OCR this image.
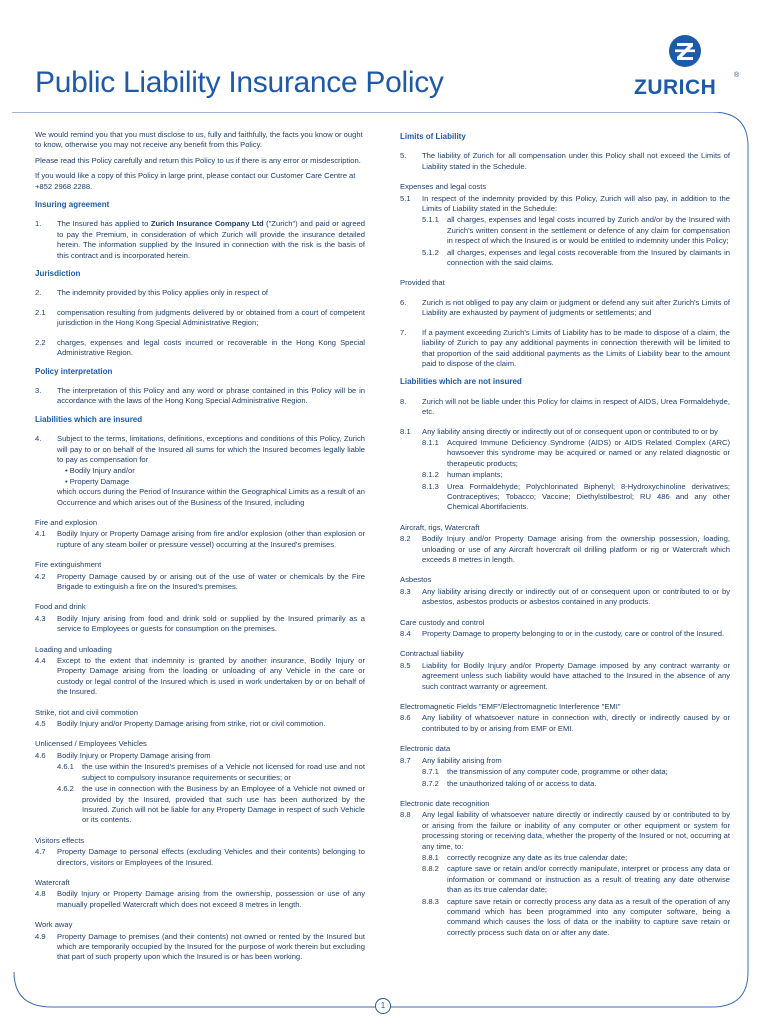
Public Liability Insurance Policy	ZURICH
®

We would remind you that you must disclose to us, fully and faithfully, the facts you know or ought to know, otherwise you may not receive any benefit from this Policy.

Please read this Policy carefully and return this Policy to us if there is any error or misdescription.

If you would like a copy of this Policy in large print, please contact our Customer Care Centre at +852 2968 2288.

Insuring agreement
1.	The Insured has applied to Zurich Insurance Company Ltd ("Zurich") and paid or agreed to pay the Premium, in consideration of which Zurich will provide the insurance detailed herein. The information supplied by the Insured in connection with the risk is the basis of this contract and is incorporated herein.
Jurisdiction
2.	The indemnity provided by this Policy applies only in respect of
2.1	compensation resulting from judgments delivered by or obtained from a court of competent jurisdiction in the Hong Kong Special Administrative Region;
2.2	charges, expenses and legal costs incurred or recoverable in the Hong Kong Special Administrative Region.
Policy interpretation
3.	The interpretation of this Policy and any word or phrase contained in this Policy will be in accordance with the laws of the Hong Kong Special Administrative Region.
Liabilities which are insured
4.	Subject to the terms, limitations, definitions, exceptions and conditions of this Policy, Zurich will pay to or on behalf of the Insured all sums for which the Insured becomes legally liable to pay as compensation for
• Bodily Injury and/or
• Property Damage
which occurs during the Period of Insurance within the Geographical Limits as a result of an Occurrence and which arises out of the Business of the Insured, including
Fire and explosion
4.1	Bodily Injury or Property Damage arising from fire and/or explosion (other than explosion or rupture of any steam boiler or pressure vessel) occurring at the Insured's premises.
Fire extinguishment
4.2	Property Damage caused by or arising out of the use of water or chemicals by the Fire Brigade to extinguish a fire on the Insured's premises.
Food and drink
4.3	Bodily Injury arising from food and drink sold or supplied by the Insured primarily as a service to Employees or guests for consumption on the premises.
Loading and unloading
4.4	Except to the extent that indemnity is granted by another insurance, Bodily Injury or Property Damage arising from the loading or unloading of any Vehicle in the care or custody or legal control of the Insured which is used in work undertaken by or on behalf of the Insured.
Strike, riot and civil commotion
4.5	Bodily Injury and/or Property Damage arising from strike, riot or civil commotion.
Unlicensed / Employees Vehicles
4.6	Bodily Injury or Property Damage arising from
4.6.1	the use within the Insured's premises of a Vehicle not licensed for road use and not subject to compulsory insurance requirements or securities; or
4.6.2	the use in connection with the Business by an Employee of a Vehicle not owned or provided by the Insured, provided that such use has been authorized by the Insured. Zurich will not be liable for any Property Damage in respect of such Vehicle or its contents.
Visitors effects
4.7	Property Damage to personal effects (excluding Vehicles and their contents) belonging to directors, visitors or Employees of the Insured.
Watercraft
4.8	Bodily Injury or Property Damage arising from the ownership, possession or use of any manually propelled Watercraft which does not exceed 8 metres in length.
Work away
4.9	Property Damage to premises (and their contents) not owned or rented by the Insured but which are temporarily occupied by the Insured for the purpose of work therein but excluding that part of such property upon which the Insured is or has been working.
Limits of Liability
5.	The liability of Zurich for all compensation under this Policy shall not exceed the Limits of Liability stated in the Schedule.
Expenses and legal costs
5.1	In respect of the indemnity provided by this Policy, Zurich will also pay, in addition to the Limits of Liability stated in the Schedule:
5.1.1	all charges, expenses and legal costs incurred by Zurich and/or by the Insured with Zurich's written consent in the settlement or defence of any claim for compensation in respect of which the Insured is or would be entitled to indemnity under this Policy;
5.1.2	all charges, expenses and legal costs recoverable from the Insured by claimants in connection with the said claims.
Provided that
6.	Zurich is not obliged to pay any claim or judgment or defend any suit after Zurich's Limits of Liability are exhausted by payment of judgments or settlements; and
7.	If a payment exceeding Zurich's Limits of Liability has to be made to dispose of a claim, the liability of Zurich to pay any additional payments in connection therewith will be limited to that proportion of the said additional payments as the Limits of Liability bear to the amount paid to dispose of the claim.
Liabilities which are not insured
8.	Zurich will not be liable under this Policy for claims in respect of AIDS, Urea Formaldehyde, etc.
8.1	Any liability arising directly or indirectly out of or consequent upon or contributed to or by
8.1.1	Acquired Immune Deficiency Syndrome (AIDS) or AIDS Related Complex (ARC) howsoever this syndrome may be acquired or named or any related diagnostic or therapeutic products;
8.1.2	human implants;
8.1.3	Urea Formaldehyde; Polychlorinated Biphenyl; 8-Hydroxychinoline derivatives; Contraceptives; Tobacco; Vaccine; Diethylstilbestrol; RU 486 and any other Chemical Abortifacients.
Aircraft, rigs, Watercraft
8.2	Bodily Injury and/or Property Damage arising from the ownership possession, loading, unloading or use of any Aircraft hovercraft oil drilling platform or rig or Watercraft which exceeds 8 metres in length.
Asbestos
8.3	Any liability arising directly or indirectly out of or consequent upon or contributed to or by asbestos, asbestos products or asbestos contained in any products.
Care custody and control
8.4	Property Damage to property belonging to or in the custody, care or control of the Insured.
Contractual liability
8.5	Liability for Bodily Injury and/or Property Damage imposed by any contract warranty or agreement unless such liability would have attached to the Insured in the absence of any such contract warranty or agreement.
Electromagnetic Fields "EMF"/Electromagnetic Interference "EMI"
8.6	Any liability of whatsoever nature in connection with, directly or indirectly caused by or contributed to by or arising from EMF or EMI.
Electronic data
8.7	Any liability arising from
8.7.1	the transmission of any computer code, programme or other data;
8.7.2	the unauthorized taking of or access to data.
Electronic date recognition
8.8	Any legal liability of whatsoever nature directly or indirectly caused by or contributed to by or arising from the failure or inability of any computer or other equipment or system for processing storing or receiving data, whether the property of the Insured or not, occurring at any time, to:
8.8.1	correctly recognize any date as its true calendar date;
8.8.2	capture save or retain and/or correctly manipulate, interpret or process any data or information or command or instruction as a result of treating any date otherwise than as its true calendar date;
8.8.3	capture save retain or correctly process any data as a result of the operation of any command which has been programmed into any computer software, being a command which causes the loss of data or the inability to capture save retain or correctly process such data on or after any date.
1
